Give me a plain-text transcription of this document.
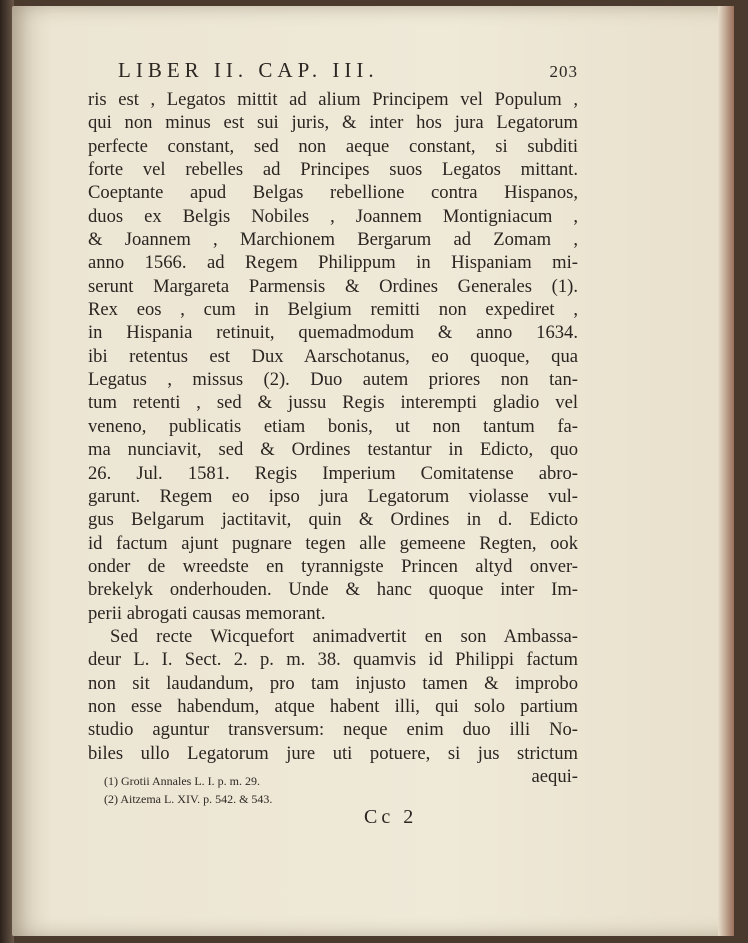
LIBER II. CAP. III.	203
ris est , Legatos mittit ad alium Principem vel Populum ,
qui non minus est sui juris, & inter hos jura Legatorum
perfecte constant, sed non aeque constant, si subditi
forte vel rebelles ad Principes suos Legatos mittant.
Coeptante apud Belgas rebellione contra Hispanos,
duos ex Belgis Nobiles , Joannem Montigniacum ,
& Joannem , Marchionem Bergarum ad Zomam ,
anno 1566. ad Regem Philippum in Hispaniam mi-
serunt Margareta Parmensis & Ordines Generales (1).
Rex eos , cum in Belgium remitti non expediret ,
in Hispania retinuit, quemadmodum & anno 1634.
ibi retentus est Dux Aarschotanus, eo quoque, qua
Legatus , missus (2). Duo autem priores non tan-
tum retenti , sed & jussu Regis interempti gladio vel
veneno, publicatis etiam bonis, ut non tantum fa-
ma nunciavit, sed & Ordines testantur in Edicto, quo
26. Jul. 1581. Regis Imperium Comitatense abro-
garunt. Regem eo ipso jura Legatorum violasse vul-
gus Belgarum jactitavit, quin & Ordines in d. Edicto
id factum ajunt pugnare tegen alle gemeene Regten, ook
onder de wreedste en tyrannigste Princen altyd onver-
brekelyk onderhouden. Unde & hanc quoque inter Im-
perii abrogati causas memorant.
Sed recte Wicquefort animadvertit en son Ambassa-
deur L. I. Sect. 2. p. m. 38. quamvis id Philippi factum
non sit laudandum, pro tam injusto tamen & improbo
non esse habendum, atque habent illi, qui solo partium
studio aguntur transversum: neque enim duo illi No-
biles ullo Legatorum jure uti potuere, si jus strictum
aequi-
(1) Grotii Annales L. I. p. m. 29.
(2) Aitzema L. XIV. p. 542. & 543.
Cc 2
